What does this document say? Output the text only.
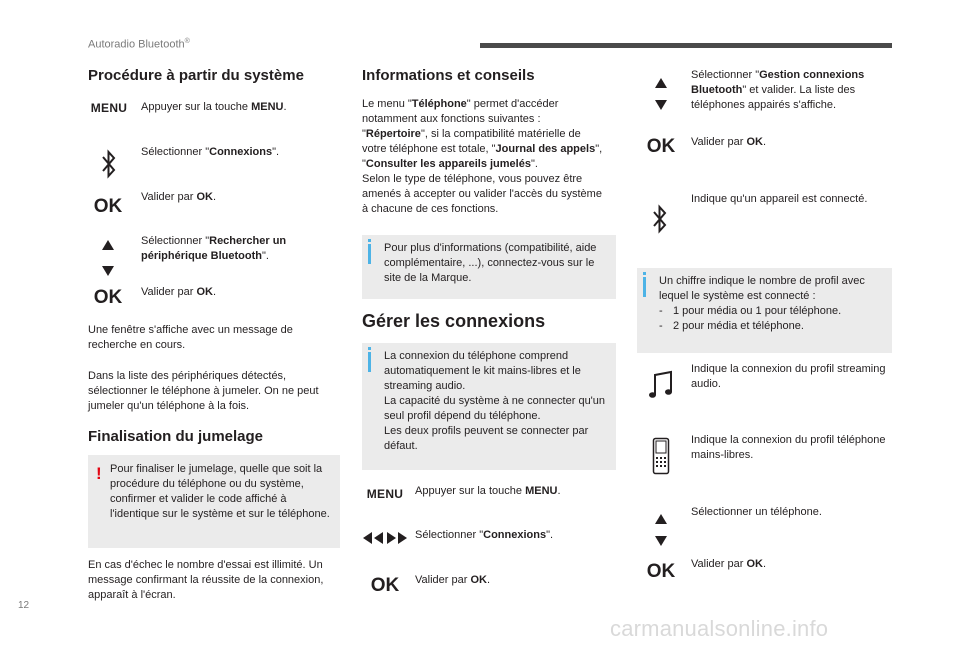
Autoradio Bluetooth®
Procédure à partir du système
MENU Appuyer sur la touche MENU.
Sélectionner "Connexions".
OK	Valider par OK.
Sélectionner "Rechercher un périphérique Bluetooth".
OK	Valider par OK.
Une fenêtre s'affiche avec un message de recherche en cours.
Dans la liste des périphériques détectés, sélectionner le téléphone à jumeler. On ne peut jumeler qu'un téléphone à la fois.
Finalisation du jumelage
! Pour finaliser le jumelage, quelle que soit la procédure du téléphone ou du système, confirmer et valider le code affiché à l'identique sur le système et sur le téléphone.
En cas d'échec le nombre d'essai est illimité. Un message confirmant la réussite de la connexion, apparaît à l'écran.
Informations et conseils
Le menu "Téléphone" permet d'accéder notamment aux fonctions suivantes : "Répertoire", si la compatibilité matérielle de votre téléphone est totale, "Journal des appels", "Consulter les appareils jumelés".
Selon le type de téléphone, vous pouvez être amenés à accepter ou valider l'accès du système à chacune de ces fonctions.
Pour plus d'informations (compatibilité, aide complémentaire, ...), connectez-vous sur le site de la Marque.
Gérer les connexions
La connexion du téléphone comprend automatiquement le kit mains-libres et le streaming audio.
La capacité du système à ne connecter qu'un seul profil dépend du téléphone.
Les deux profils peuvent se connecter par défaut.
MENU	Appuyer sur la touche MENU.
Sélectionner "Connexions".
OK	Valider par OK.
Sélectionner "Gestion connexions Bluetooth" et valider. La liste des téléphones appairés s'affiche.
OK	Valider par OK.
Indique qu'un appareil est connecté.
Un chiffre indique le nombre de profil avec lequel le système est connecté :
- 1 pour média ou 1 pour téléphone.
- 2 pour média et téléphone.
Indique la connexion du profil streaming audio.
Indique la connexion du profil téléphone mains-libres.
Sélectionner un téléphone.
OK	Valider par OK.
12
carmanualsonline.info
